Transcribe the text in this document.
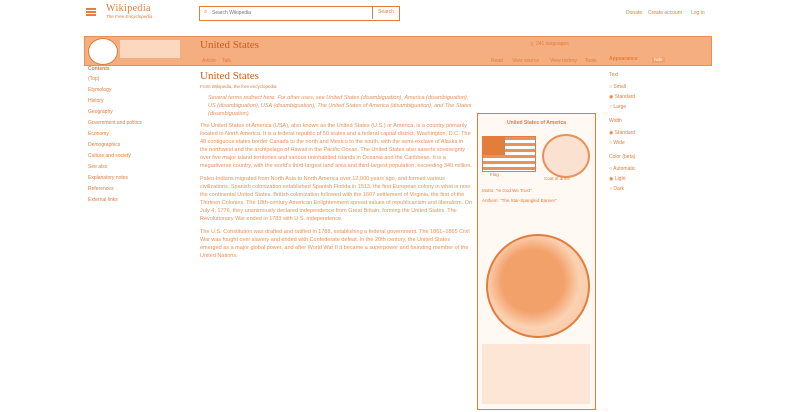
Wikipedia
The Free Encyclopedia
⌕
Search Wikipedia	Search	Donate Create account Log in
United States	241 languages
文
Article Talk	Read View source View history Tools
Contents
(Top)
Etymology
History
Geography
Government and politics
Economy
Demographics
Culture and society
See also
Explanatory notes
References
External links
United States
From Wikipedia, the free encyclopedia
Several terms redirect here. For other uses, see United States (disambiguation), America (disambiguation), US (disambiguation), USA (disambiguation), The United States of America (disambiguation), and The States (disambiguation).
The United States of America (USA), also known as the United States (U.S.) or America, is a country primarily located in North America. It is a federal republic of 50 states and a federal capital district, Washington, D.C. The 48 contiguous states border Canada to the north and Mexico to the south, with the semi-exclave of Alaska in the northwest and the archipelago of Hawaii in the Pacific Ocean. The United States also asserts sovereignty over five major island territories and various uninhabited islands in Oceania and the Caribbean. It is a megadiverse country, with the world's third-largest land area and third-largest population, exceeding 340 million.
Paleo-Indians migrated from North Asia to North America over 12,000 years ago, and formed various civilizations. Spanish colonization established Spanish Florida in 1513, the first European colony in what is now the continental United States. British colonization followed with the 1607 settlement of Virginia, the first of the Thirteen Colonies. The 18th-century American Enlightenment spread values of republicanism and liberalism. On July 4, 1776, they unanimously declared independence from Great Britain, forming the United States. The Revolutionary War ended in 1783 with U.S. independence.
The U.S. Constitution was drafted and ratified in 1788, establishing a federal government. The 1861–1865 Civil War was fought over slavery and ended with Confederate defeat. In the 20th century, the United States emerged as a major global power, and after World War II it became a superpower and founding member of the United Nations.
United States of America
Flag
Coat of arms
Motto: "In God We Trust"
Anthem: "The Star-Spangled Banner"
Appearance
Text
○ Small
◉ Standard
○ Large
Width
◉ Standard
○ Wide
Color (beta)
○ Automatic
◉ Light
○ Dark
hide
